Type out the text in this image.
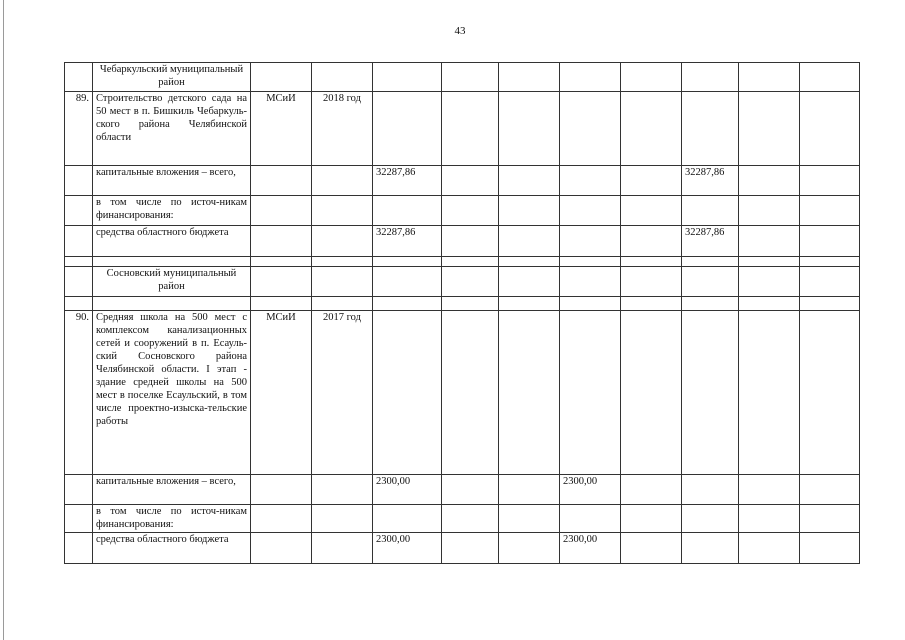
43
	Чебаркульский муниципальный район										
89.	Строительство детского сада на 50 мест в п. Бишкиль Чебаркуль-ского района Челябинской области	МСиИ	2018 год								
	капитальные вложения – всего,			32287,86					32287,86		
	в том числе по источ-никам финансирования:										
	средства областного бюджета			32287,86					32287,86		

	Сосновский муниципальный район										

90.	Средняя школа на 500 мест с комплексом канализационных сетей и сооружений в п. Есауль-ский Сосновского района Челябинской области. I этап - здание средней школы на 500 мест в поселке Есаульский, в том числе проектно-изыска-тельские работы	МСиИ	2017 год								
	капитальные вложения – всего,			2300,00			2300,00				
	в том числе по источ-никам финансирования:										
	средства областного бюджета			2300,00			2300,00				
